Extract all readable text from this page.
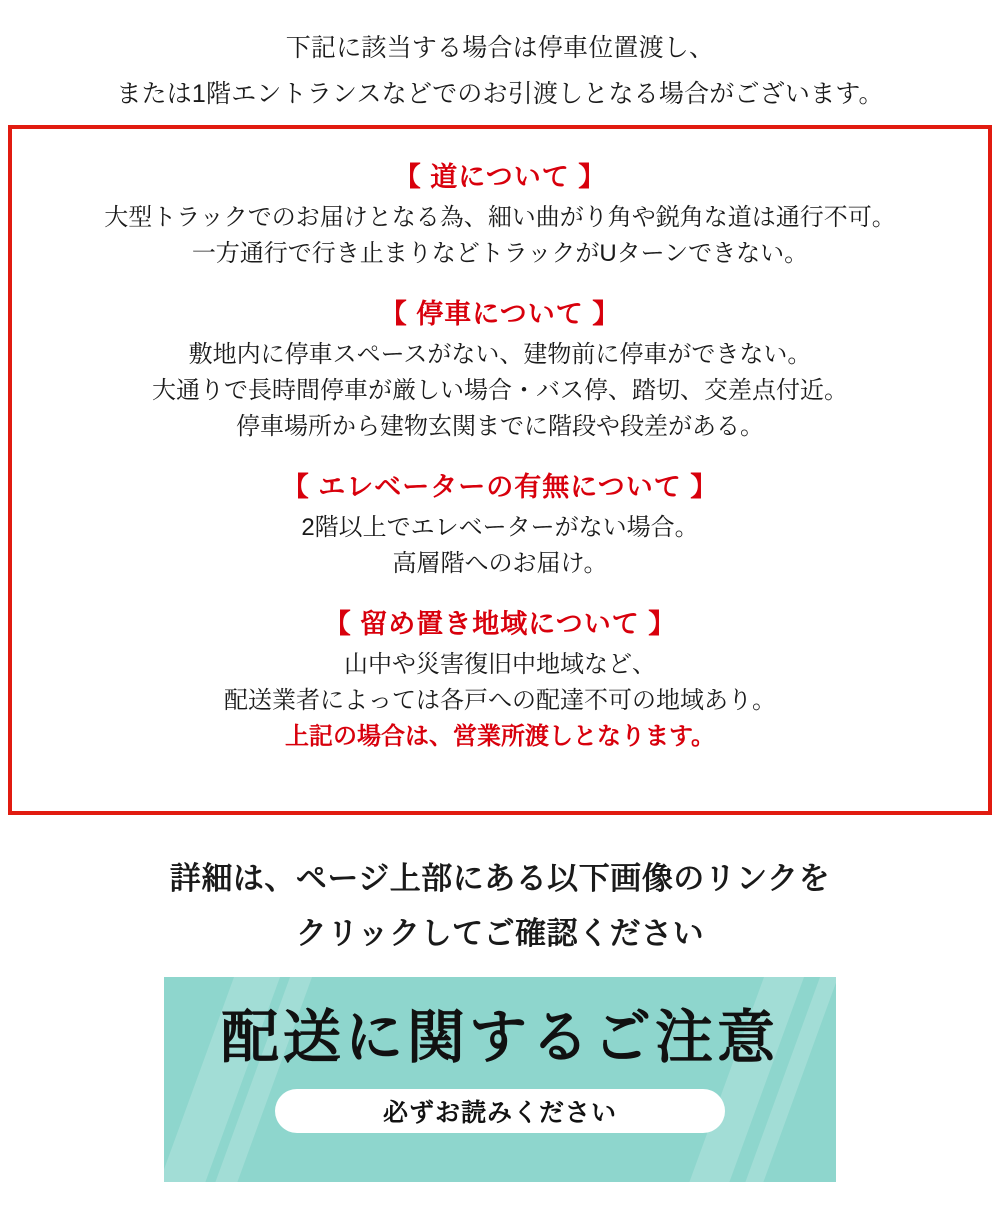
下記に該当する場合は停車位置渡し、

または1階エントランスなどでのお引渡しとなる場合がございます。

【 道について 】

大型トラックでのお届けとなる為、細い曲がり角や鋭角な道は通行不可。

一方通行で行き止まりなどトラックがUターンできない。

【 停車について 】

敷地内に停車スペースがない、建物前に停車ができない。

大通りで長時間停車が厳しい場合・バス停、踏切、交差点付近。

停車場所から建物玄関までに階段や段差がある。

【 エレベーターの有無について 】

2階以上でエレベーターがない場合。

高層階へのお届け。

【 留め置き地域について 】

山中や災害復旧中地域など、

配送業者によっては各戸への配達不可の地域あり。

上記の場合は、営業所渡しとなります。

詳細は、ページ上部にある以下画像のリンクを

クリックしてご確認ください

配送に関するご注意
必ずお読みください
